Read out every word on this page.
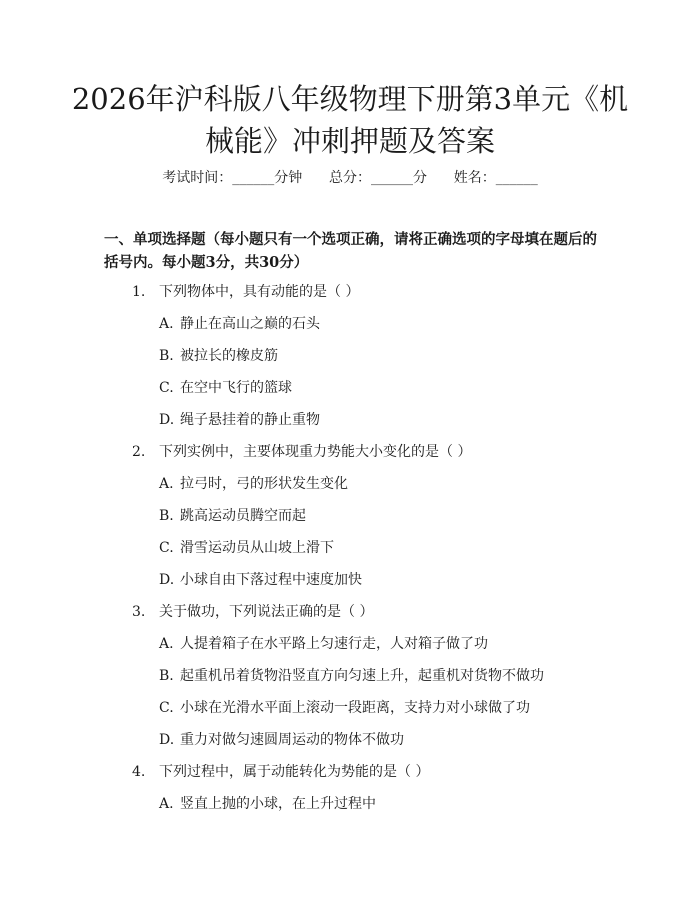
2026年沪科版八年级物理下册第3单元《机
械能》冲刺押题及答案
考试时间：______分钟      总分：______分      姓名：______
一、单项选择题（每小题只有一个选项正确，请将正确选项的字母填在题后的括号内。每小题3分，共30分）
1. 下列物体中，具有动能的是（ ）
A. 静止在高山之巅的石头
B. 被拉长的橡皮筋
C. 在空中飞行的篮球
D. 绳子悬挂着的静止重物
2. 下列实例中，主要体现重力势能大小变化的是（ ）
A. 拉弓时，弓的形状发生变化
B. 跳高运动员腾空而起
C. 滑雪运动员从山坡上滑下
D. 小球自由下落过程中速度加快
3. 关于做功，下列说法正确的是（ ）
A. 人提着箱子在水平路上匀速行走，人对箱子做了功
B. 起重机吊着货物沿竖直方向匀速上升，起重机对货物不做功
C. 小球在光滑水平面上滚动一段距离，支持力对小球做了功
D. 重力对做匀速圆周运动的物体不做功
4. 下列过程中，属于动能转化为势能的是（ ）
A. 竖直上抛的小球，在上升过程中
